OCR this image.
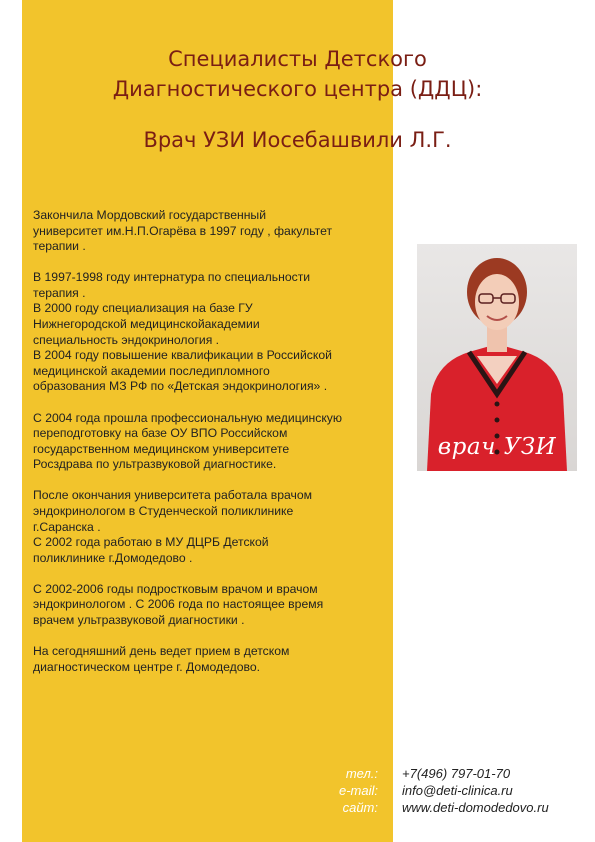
Специалисты Детского
Диагностического центра (ДДЦ):
Врач УЗИ Иосебашвили Л.Г.

Закончила Мордовский государственный
университет им.Н.П.Огарёва в 1997 году , факультет
терапии .

В 1997-1998 году интернатура по специальности
терапия .
В 2000 году специализация на базе ГУ
Нижнегородской медицинскойакадемии
специальность эндокринология .
В 2004 году повышение квалификации в Российской
медицинской академии последипломного
образования МЗ РФ по «Детская эндокринология» .

С 2004 года прошла профессиональную медицинскую
переподготовку на базе ОУ ВПО Российском
государственном медицинском университете
Росздрава по ультразвуковой диагностике.

После окончания университета работала врачом
эндокринологом в Студенческой поликлинике
г.Саранска .
С 2002 года работаю в МУ ДЦРБ Детской
поликлинике г.Домодедово .

С 2002-2006 годы подростковым врачом и врачом
эндокринологом . С 2006 года по настоящее время
врачем ультразвуковой диагностики .

На сегодняшний день ведет прием в детском
диагностическом центре г. Домодедово.

врач УЗИ
тел.:
e-mail:
сайт:
+7(496) 797-01-70
info@deti-clinica.ru
www.deti-domodedovo.ru
